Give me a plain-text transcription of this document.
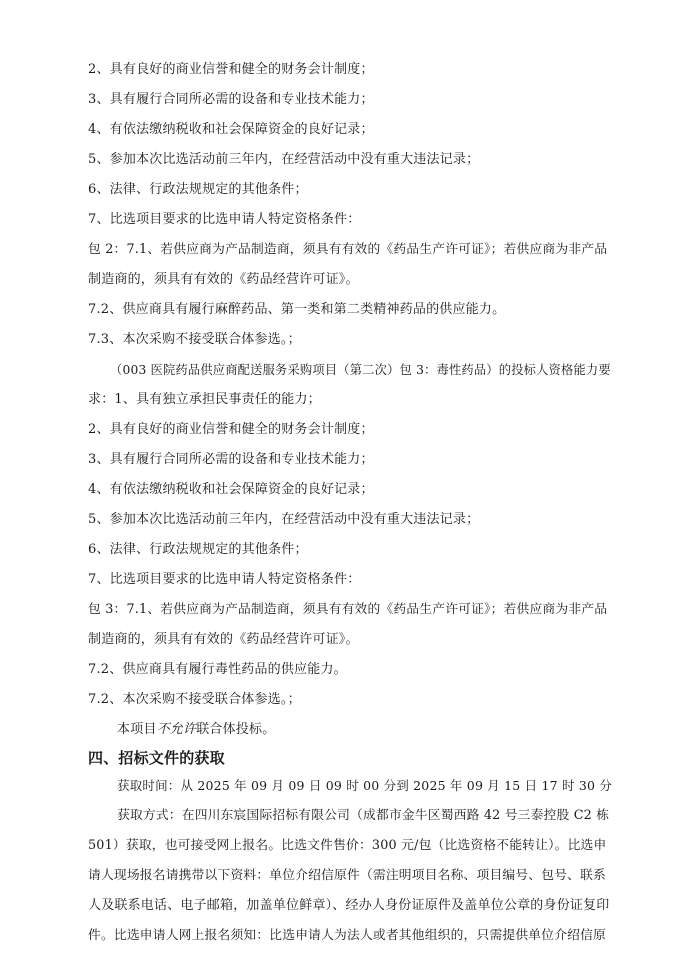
2、具有良好的商业信誉和健全的财务会计制度；
3、具有履行合同所必需的设备和专业技术能力；
4、有依法缴纳税收和社会保障资金的良好记录；
5、参加本次比选活动前三年内，在经营活动中没有重大违法记录；
6、法律、行政法规规定的其他条件；
7、比选项目要求的比选申请人特定资格条件：
包 2：7.1、若供应商为产品制造商，须具有有效的《药品生产许可证》；若供应商为非产品
制造商的，须具有有效的《药品经营许可证》。
7.2、供应商具有履行麻醉药品、第一类和第二类精神药品的供应能力。
7.3、本次采购不接受联合体参选。；
（003 医院药品供应商配送服务采购项目（第二次）包 3：毒性药品）的投标人资格能力要
求：1、具有独立承担民事责任的能力；
2、具有良好的商业信誉和健全的财务会计制度；
3、具有履行合同所必需的设备和专业技术能力；
4、有依法缴纳税收和社会保障资金的良好记录；
5、参加本次比选活动前三年内，在经营活动中没有重大违法记录；
6、法律、行政法规规定的其他条件；
7、比选项目要求的比选申请人特定资格条件：
包 3：7.1、若供应商为产品制造商，须具有有效的《药品生产许可证》；若供应商为非产品
制造商的，须具有有效的《药品经营许可证》。
7.2、供应商具有履行毒性药品的供应能力。
7.2、本次采购不接受联合体参选。；
本项目不允许联合体投标。
四、招标文件的获取
获取时间：从 2025 年 09 月 09 日 09 时 00 分到 2025 年 09 月 15 日 17 时 30 分
获取方式：在四川东宸国际招标有限公司（成都市金牛区蜀西路 42 号三泰控股 C2 栋
501）获取，也可接受网上报名。比选文件售价：300 元/包（比选资格不能转让）。比选申
请人现场报名请携带以下资料：单位介绍信原件（需注明项目名称、项目编号、包号、联系
人及联系电话、电子邮箱，加盖单位鲜章）、经办人身份证原件及盖单位公章的身份证复印
件。比选申请人网上报名须知：比选申请人为法人或者其他组织的，只需提供单位介绍信原
